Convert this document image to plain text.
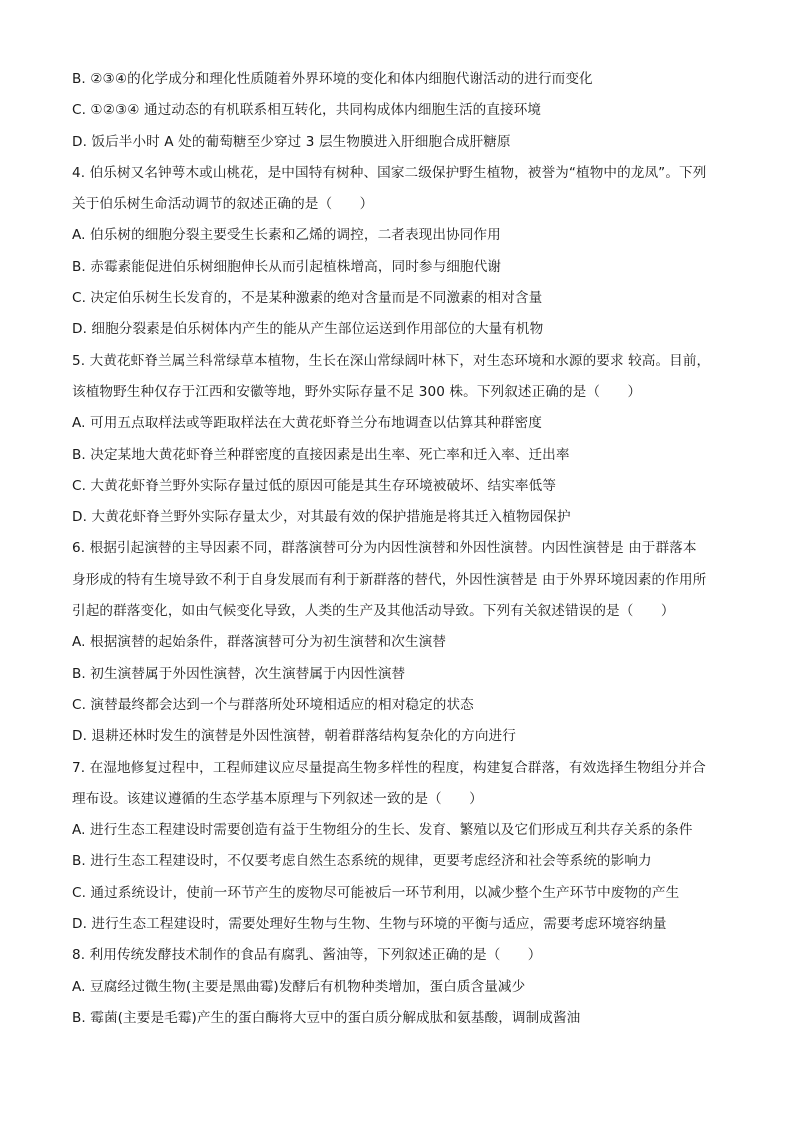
B. ②③④的化学成分和理化性质随着外界环境的变化和体内细胞代谢活动的进行而变化
C. ①②③④ 通过动态的有机联系相互转化，共同构成体内细胞生活的直接环境
D. 饭后半小时 A 处的葡萄糖至少穿过 3 层生物膜进入肝细胞合成肝糖原
4. 伯乐树又名钟萼木或山桃花，是中国特有树种、国家二级保护野生植物，被誉为“植物中的龙凤”。下列
关于伯乐树生命活动调节的叙述正确的是（　　）
A. 伯乐树的细胞分裂主要受生长素和乙烯的调控，二者表现出协同作用
B. 赤霉素能促进伯乐树细胞伸长从而引起植株增高，同时参与细胞代谢
C. 决定伯乐树生长发育的，不是某种激素的绝对含量而是不同激素的相对含量
D. 细胞分裂素是伯乐树体内产生的能从产生部位运送到作用部位的大量有机物
5. 大黄花虾脊兰属兰科常绿草本植物，生长在深山常绿阔叶林下，对生态环境和水源的要求 较高。目前，
该植物野生种仅存于江西和安徽等地，野外实际存量不足 300 株。下列叙述正确的是（　　）
A. 可用五点取样法或等距取样法在大黄花虾脊兰分布地调查以估算其种群密度
B. 决定某地大黄花虾脊兰种群密度的直接因素是出生率、死亡率和迁入率、迁出率
C. 大黄花虾脊兰野外实际存量过低的原因可能是其生存环境被破坏、结实率低等
D. 大黄花虾脊兰野外实际存量太少，对其最有效的保护措施是将其迁入植物园保护
6. 根据引起演替的主导因素不同，群落演替可分为内因性演替和外因性演替。内因性演替是 由于群落本
身形成的特有生境导致不利于自身发展而有利于新群落的替代，外因性演替是 由于外界环境因素的作用所
引起的群落变化，如由气候变化导致，人类的生产及其他活动导致。下列有关叙述错误的是（　　）
A. 根据演替的起始条件，群落演替可分为初生演替和次生演替
B. 初生演替属于外因性演替，次生演替属于内因性演替
C. 演替最终都会达到一个与群落所处环境相适应的相对稳定的状态
D. 退耕还林时发生的演替是外因性演替，朝着群落结构复杂化的方向进行
7. 在湿地修复过程中，工程师建议应尽量提高生物多样性的程度，构建复合群落，有效选择生物组分并合
理布设。该建议遵循的生态学基本原理与下列叙述一致的是（　　）
A. 进行生态工程建设时需要创造有益于生物组分的生长、发育、繁殖以及它们形成互利共存关系的条件
B. 进行生态工程建设时，不仅要考虑自然生态系统的规律，更要考虑经济和社会等系统的影响力
C. 通过系统设计，使前一环节产生的废物尽可能被后一环节利用，以减少整个生产环节中废物的产生
D. 进行生态工程建设时，需要处理好生物与生物、生物与环境的平衡与适应，需要考虑环境容纳量
8. 利用传统发酵技术制作的食品有腐乳、酱油等，下列叙述正确的是（　　）
A. 豆腐经过微生物(主要是黑曲霉)发酵后有机物种类增加，蛋白质含量减少
B. 霉菌(主要是毛霉)产生的蛋白酶将大豆中的蛋白质分解成肽和氨基酸，调制成酱油
